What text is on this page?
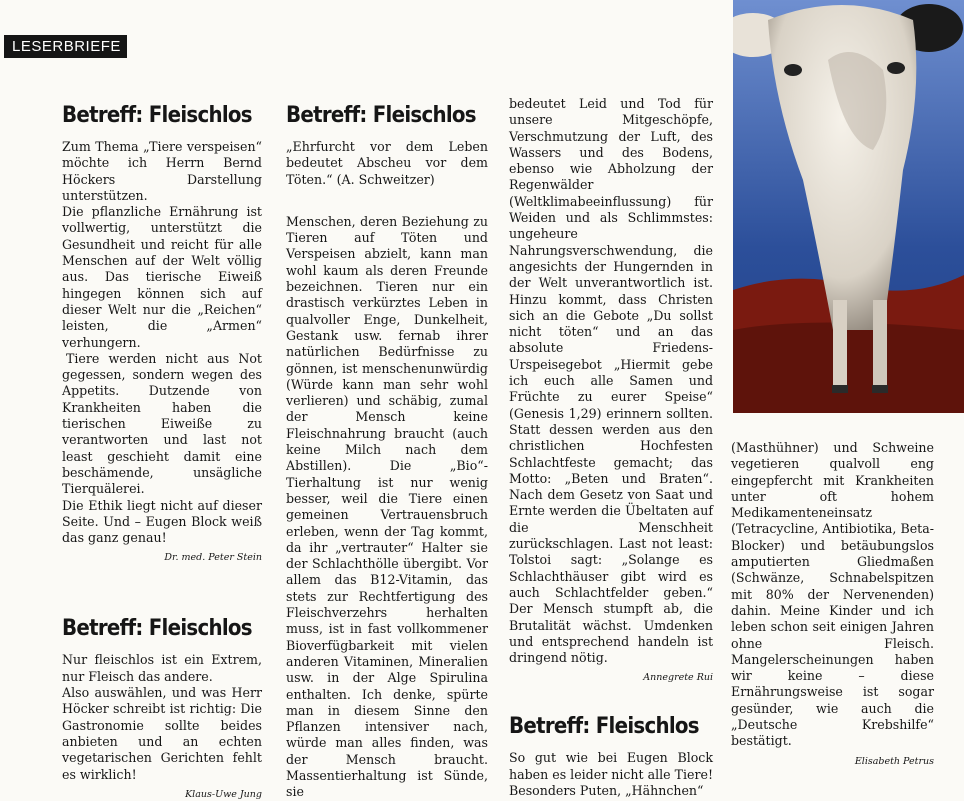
LESERBRIEFE
Betreff: Fleischlos

Zum Thema „Tiere verspeisen“ möchte ich Herrn Bernd Höckers Darstellung unterstützen.

Die pflanzliche Ernährung ist vollwertig, unterstützt die Gesundheit und reicht für alle Menschen auf der Welt völlig aus. Das tierische Eiweiß hingegen können sich auf dieser Welt nur die „Reichen“ leisten, die „Armen“ verhungern.

Tiere werden nicht aus Not gegessen, sondern wegen des Appetits. Dutzende von Krankheiten haben die tierischen Eiweiße zu verantworten und last not least geschieht damit eine beschämende, unsägliche Tierquälerei.

Die Ethik liegt nicht auf dieser Seite. Und – Eugen Block weiß das ganz genau!

Dr. med. Peter Stein

Betreff: Fleischlos

Nur fleischlos ist ein Extrem, nur Fleisch das andere.

Also auswählen, und was Herr Höcker schreibt ist richtig: Die Gastronomie sollte beides anbieten und an echten vegetarischen Gerichten fehlt es wirklich!

Klaus-Uwe Jung

Betreff: Fleischlos

„Ehrfurcht vor dem Leben bedeutet Abscheu vor dem Töten.“ (A. Schweitzer)

Menschen, deren Beziehung zu Tieren auf Töten und Verspeisen abzielt, kann man wohl kaum als deren Freunde bezeichnen. Tieren nur ein drastisch verkürztes Leben in qualvoller Enge, Dunkelheit, Gestank usw. fernab ihrer natürlichen Bedürfnisse zu gönnen, ist menschenunwürdig (Würde kann man sehr wohl verlieren) und schäbig, zumal der Mensch keine Fleischnahrung braucht (auch keine Milch nach dem Abstillen). Die „Bio“-Tierhaltung ist nur wenig besser, weil die Tiere einen gemeinen Vertrauensbruch erleben, wenn der Tag kommt, da ihr „vertrauter“ Halter sie der Schlachthölle übergibt. Vor allem das B12-Vitamin, das stets zur Rechtfertigung des Fleischverzehrs herhalten muss, ist in fast vollkommener Bioverfügbarkeit mit vielen anderen Vitaminen, Mineralien usw. in der Alge Spirulina enthalten. Ich denke, spürte man in diesem Sinne den Pflanzen intensiver nach, würde man alles finden, was der Mensch braucht. Massentierhaltung ist Sünde, sie

bedeutet Leid und Tod für unsere Mitgeschöpfe, Verschmutzung der Luft, des Wassers und des Bodens, ebenso wie Abholzung der Regenwälder (Weltklimabeeinflussung) für Weiden und als Schlimmstes: ungeheure Nahrungsverschwendung, die angesichts der Hungernden in der Welt unverantwortlich ist. Hinzu kommt, dass Christen sich an die Gebote „Du sollst nicht töten“ und an das absolute Friedens-Urspeisegebot „Hiermit gebe ich euch alle Samen und Früchte zu eurer Speise“ (Genesis 1,29) erinnern sollten. Statt dessen werden aus den christlichen Hochfesten Schlachtfeste gemacht; das Motto: „Beten und Braten“. Nach dem Gesetz von Saat und Ernte werden die Übeltaten auf die Menschheit zurückschlagen. Last not least: Tolstoi sagt: „Solange es Schlachthäuser gibt wird es auch Schlachtfelder geben.“ Der Mensch stumpft ab, die Brutalität wächst. Umdenken und entsprechend handeln ist dringend nötig.

Annegrete Rui

Betreff: Fleischlos

So gut wie bei Eugen Block haben es leider nicht alle Tiere! Besonders Puten, „Hähnchen“

(Masthühner) und Schweine vegetieren qualvoll eng eingepfercht mit Krankheiten unter oft hohem Medikamenteneinsatz (Tetracycline, Antibiotika, Beta-Blocker) und betäubungslos amputierten Gliedmaßen (Schwänze, Schnabelspitzen mit 80% der Nervenenden) dahin. Meine Kinder und ich leben schon seit einigen Jahren ohne Fleisch. Mangelerscheinungen haben wir keine – diese Ernährungsweise ist sogar gesünder, wie auch die „Deutsche Krebshilfe“ bestätigt.

Elisabeth Petrus
